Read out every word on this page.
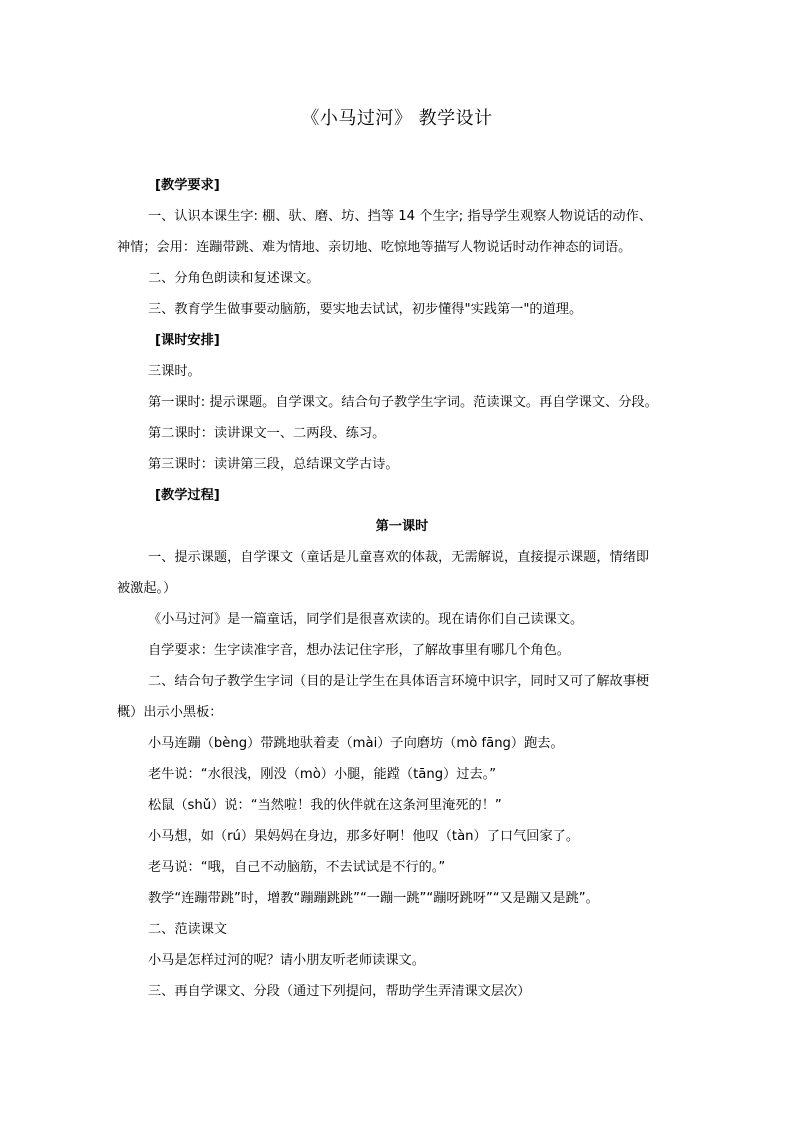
《小马过河》 教学设计
[教学要求]
一、认识本课生字: 棚、驮、磨、坊、挡等 14 个生字; 指导学生观察人物说话的动作、
神情；会用：连蹦带跳、难为情地、亲切地、吃惊地等描写人物说话时动作神态的词语。
二、分角色朗读和复述课文。
三、教育学生做事要动脑筋，要实地去试试，初步懂得"实践第一"的道理。
[课时安排]
三课时。
第一课时: 提示课题。自学课文。结合句子教学生字词。范读课文。再自学课文、分段。
第二课时：读讲课文一、二两段、练习。
第三课时：读讲第三段，总结课文学古诗。
[教学过程]
第一课时
一、提示课题，自学课文（童话是儿童喜欢的体裁，无需解说，直接提示课题，情绪即
被激起。）
《小马过河》是一篇童话，同学们是很喜欢读的。现在请你们自己读课文。
自学要求：生字读准字音，想办法记住字形，了解故事里有哪几个角色。
二、结合句子教学生字词（目的是让学生在具体语言环境中识字，同时又可了解故事梗
概）出示小黑板：
小马连蹦（bèng）带跳地驮着麦（mài）子向磨坊（mò fāng）跑去。
老牛说：“水很浅，刚没（mò）小腿，能蹚（tāng）过去。”
松鼠（shǔ）说：“当然啦！我的伙伴就在这条河里淹死的！”
小马想，如（rú）果妈妈在身边，那多好啊！他叹（tàn）了口气回家了。
老马说：“哦，自己不动脑筋，不去试试是不行的。”
教学“连蹦带跳”时，增教“蹦蹦跳跳”“一蹦一跳”“蹦呀跳呀”“又是蹦又是跳”。
二、范读课文
小马是怎样过河的呢？请小朋友听老师读课文。
三、再自学课文、分段（通过下列提问，帮助学生弄清课文层次）
